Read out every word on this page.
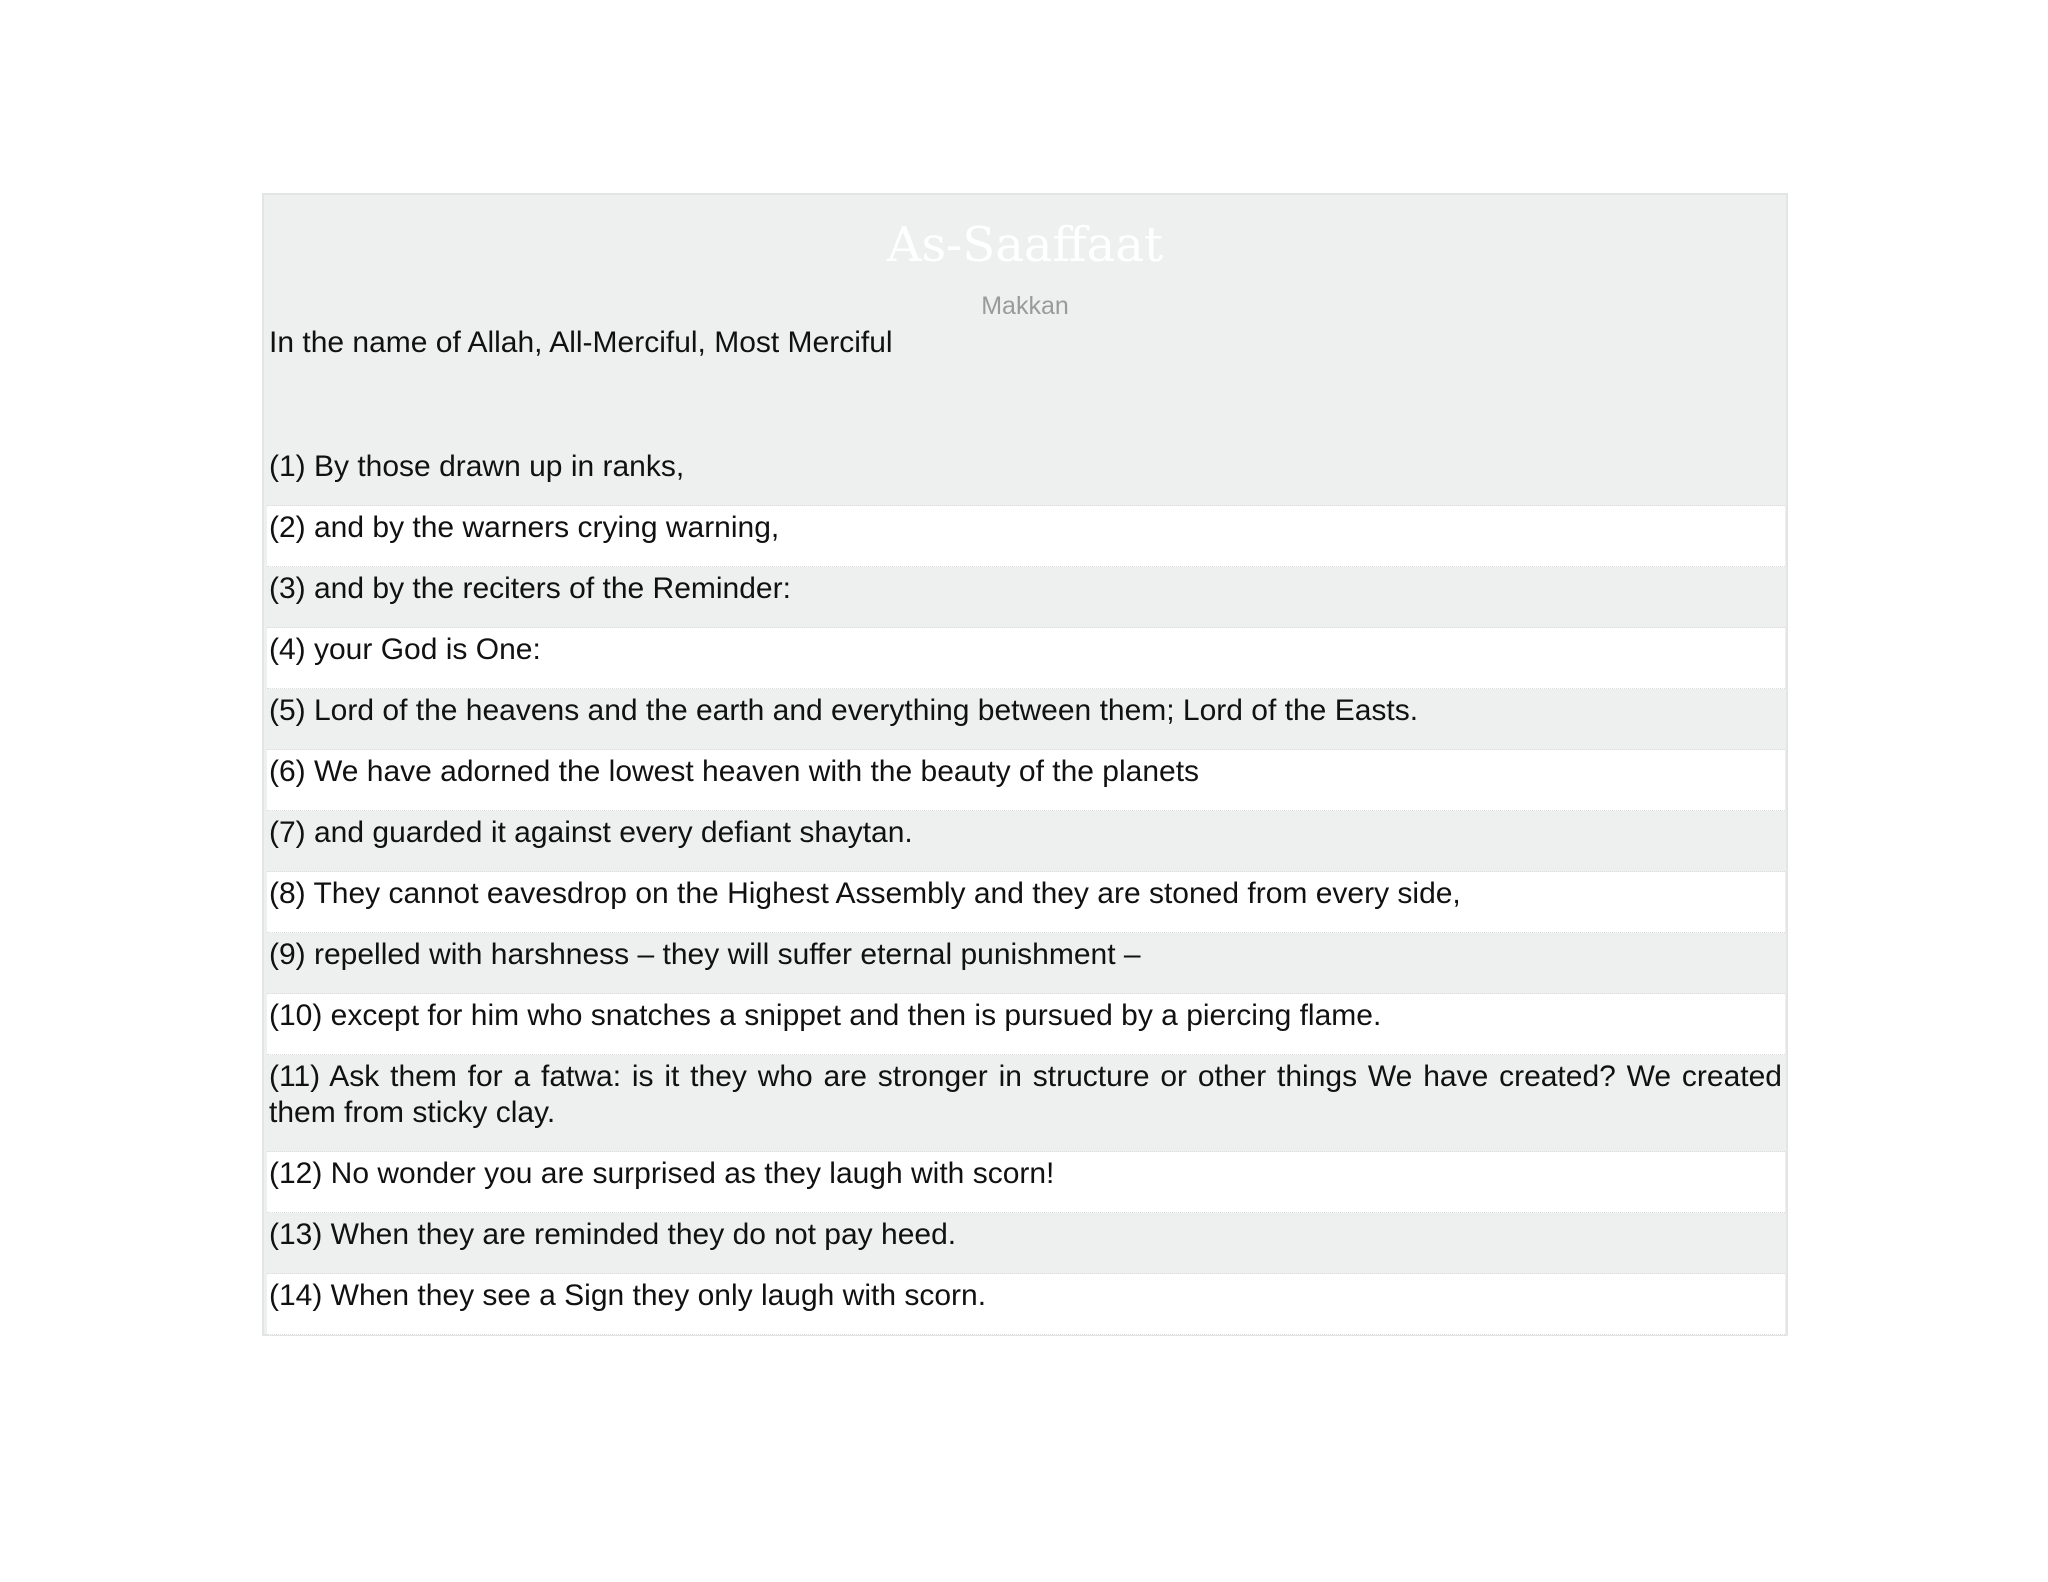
As-Saaffaat
Makkan
In the name of Allah, All-Merciful, Most Merciful
(1) By those drawn up in ranks,
(2) and by the warners crying warning,
(3) and by the reciters of the Reminder:
(4) your God is One:
(5) Lord of the heavens and the earth and everything between them; Lord of the Easts.
(6) We have adorned the lowest heaven with the beauty of the planets
(7) and guarded it against every defiant shaytan.
(8) They cannot eavesdrop on the Highest Assembly and they are stoned from every side,
(9) repelled with harshness – they will suffer eternal punishment –
(10) except for him who snatches a snippet and then is pursued by a piercing flame.
(11) Ask them for a fatwa: is it they who are stronger in structure or other things We have created? We created them from sticky clay.
(12) No wonder you are surprised as they laugh with scorn!
(13) When they are reminded they do not pay heed.
(14) When they see a Sign they only laugh with scorn.
